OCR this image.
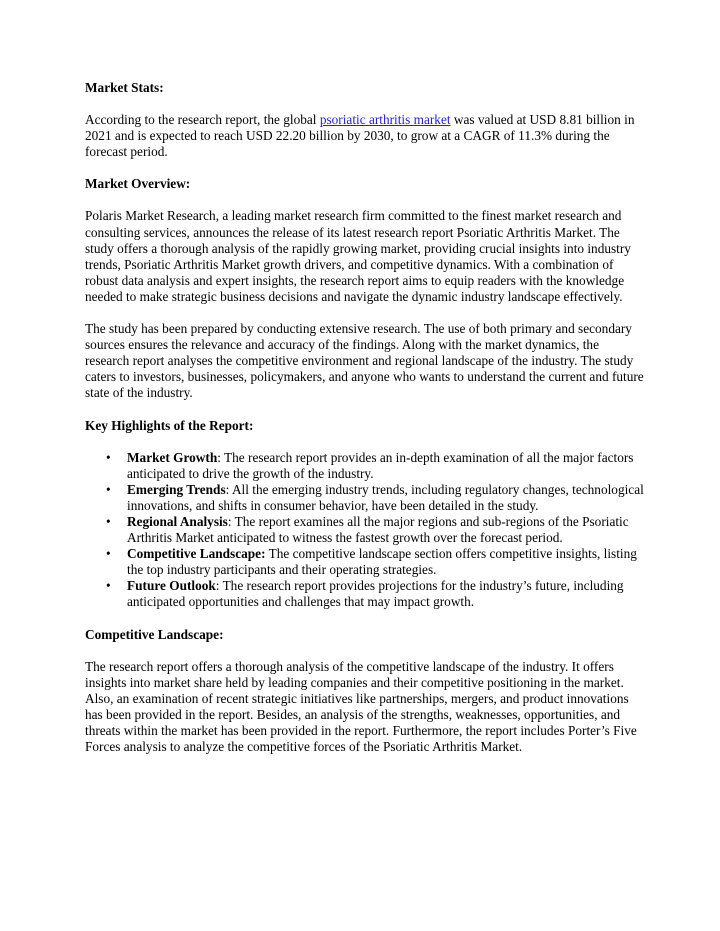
Market Stats:

According to the research report, the global psoriatic arthritis market was valued at USD 8.81 billion in 2021 and is expected to reach USD 22.20 billion by 2030, to grow at a CAGR of 11.3% during the forecast period.

Market Overview:

Polaris Market Research, a leading market research firm committed to the finest market research and consulting services, announces the release of its latest research report Psoriatic Arthritis Market. The study offers a thorough analysis of the rapidly growing market, providing crucial insights into industry trends, Psoriatic Arthritis Market growth drivers, and competitive dynamics. With a combination of robust data analysis and expert insights, the research report aims to equip readers with the knowledge needed to make strategic business decisions and navigate the dynamic industry landscape effectively.

The study has been prepared by conducting extensive research. The use of both primary and secondary sources ensures the relevance and accuracy of the findings. Along with the market dynamics, the research report analyses the competitive environment and regional landscape of the industry. The study caters to investors, businesses, policymakers, and anyone who wants to understand the current and future state of the industry.

Key Highlights of the Report:

• Market Growth: The research report provides an in-depth examination of all the major factors anticipated to drive the growth of the industry.
• Emerging Trends: All the emerging industry trends, including regulatory changes, technological innovations, and shifts in consumer behavior, have been detailed in the study.
• Regional Analysis: The report examines all the major regions and sub-regions of the Psoriatic Arthritis Market anticipated to witness the fastest growth over the forecast period.
• Competitive Landscape: The competitive landscape section offers competitive insights, listing the top industry participants and their operating strategies.
• Future Outlook: The research report provides projections for the industry’s future, including anticipated opportunities and challenges that may impact growth.

Competitive Landscape:

The research report offers a thorough analysis of the competitive landscape of the industry. It offers insights into market share held by leading companies and their competitive positioning in the market. Also, an examination of recent strategic initiatives like partnerships, mergers, and product innovations has been provided in the report. Besides, an analysis of the strengths, weaknesses, opportunities, and threats within the market has been provided in the report. Furthermore, the report includes Porter’s Five Forces analysis to analyze the competitive forces of the Psoriatic Arthritis Market.
